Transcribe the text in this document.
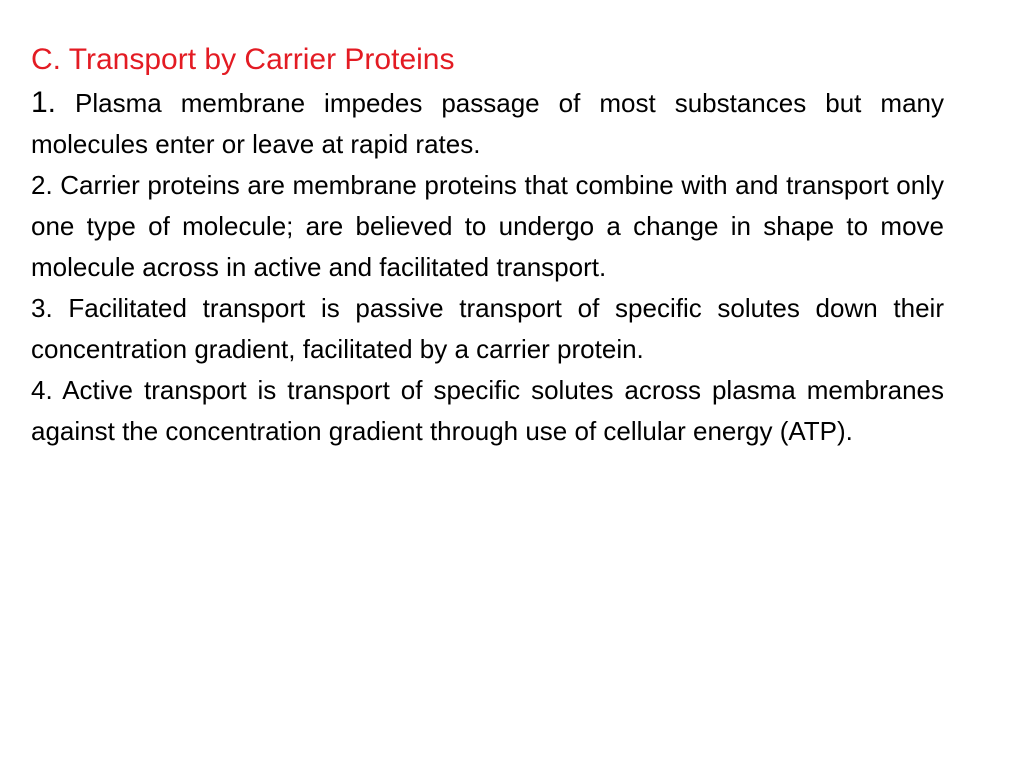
C. Transport by Carrier Proteins

1. Plasma membrane impedes passage of most substances but many molecules enter or leave at rapid rates.

2. Carrier proteins are membrane proteins that combine with and transport only one type of molecule; are believed to undergo a change in shape to move molecule across in active and facilitated transport.

3. Facilitated transport is passive transport of specific solutes down their concentration gradient, facilitated by a carrier protein.

4. Active transport is transport of specific solutes across plasma membranes against the concentration gradient through use of cellular energy (ATP).
